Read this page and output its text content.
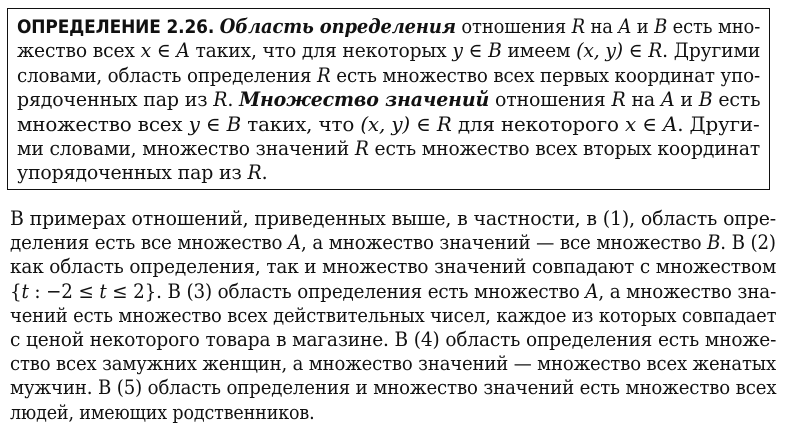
ОПРЕДЕЛЕНИЕ 2.26. Область определения отношения R на A и B есть мно-
жество всех x ∈ A таких, что для некоторых y ∈ B имеем (x, y) ∈ R. Другими
словами, область определения R есть множество всех первых координат упо-
рядоченных пар из R. Множество значений отношения R на A и B есть
множество всех y ∈ B таких, что (x, y) ∈ R для некоторого x ∈ A. Други-
ми словами, множество значений R есть множество всех вторых координат
упорядоченных пар из R.
В примерах отношений, приведенных выше, в частности, в (1), область опре-
деления есть все множество A, а множество значений — все множество B. В (2)
как область определения, так и множество значений совпадают с множеством
{t : −2 ≤ t ≤ 2}. В (3) область определения есть множество A, а множество зна-
чений есть множество всех действительных чисел, каждое из которых совпадает
с ценой некоторого товара в магазине. В (4) область определения есть множе-
ство всех замужних женщин, а множество значений — множество всех женатых
мужчин. В (5) область определения и множество значений есть множество всех
людей, имеющих родственников.
